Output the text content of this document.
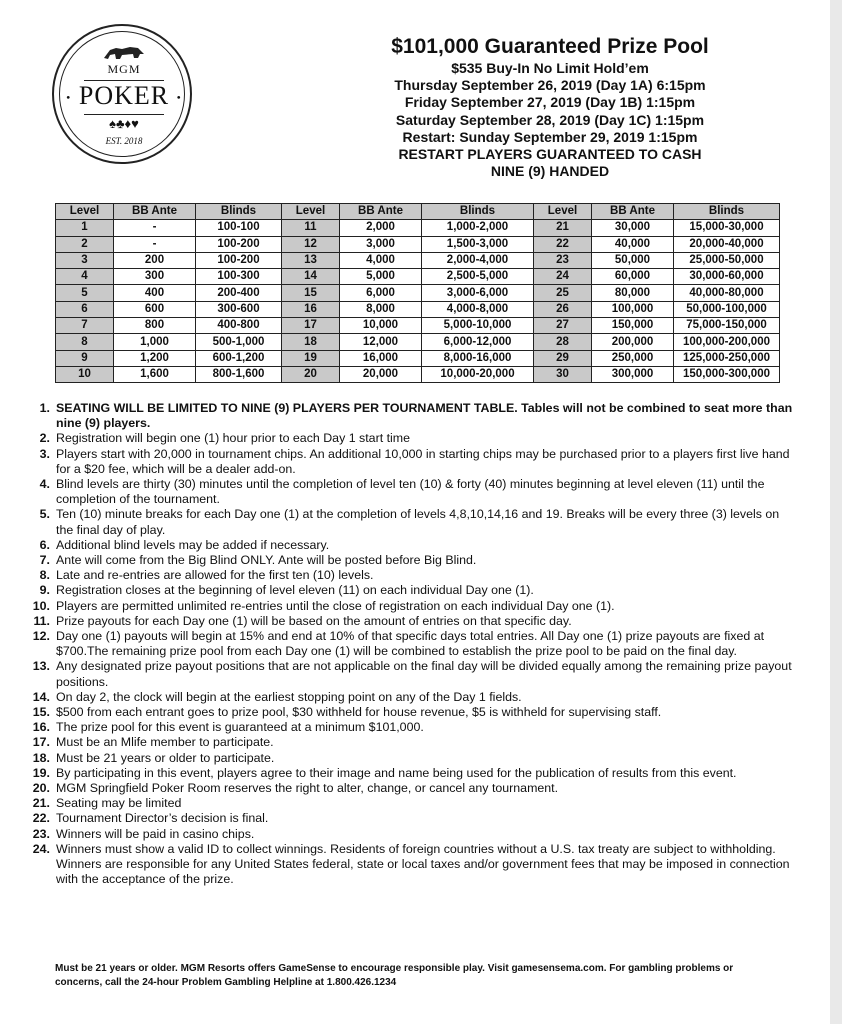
MGM
• POKER •
♠♣♦♥
EST. 2018
$101,000 Guaranteed Prize Pool
$535 Buy-In No Limit Hold’em
Thursday September 26, 2019 (Day 1A) 6:15pm
Friday September 27, 2019 (Day 1B) 1:15pm
Saturday September 28, 2019 (Day 1C) 1:15pm
Restart: Sunday September 29, 2019 1:15pm
RESTART PLAYERS GUARANTEED TO CASH
NINE (9) HANDED
Level	BB Ante	Blinds	Level	BB Ante	Blinds	Level	BB Ante	Blinds
1	-	100-100	11	2,000	1,000-2,000	21	30,000	15,000-30,000
2	-	100-200	12	3,000	1,500-3,000	22	40,000	20,000-40,000
3	200	100-200	13	4,000	2,000-4,000	23	50,000	25,000-50,000
4	300	100-300	14	5,000	2,500-5,000	24	60,000	30,000-60,000
5	400	200-400	15	6,000	3,000-6,000	25	80,000	40,000-80,000
6	600	300-600	16	8,000	4,000-8,000	26	100,000	50,000-100,000
7	800	400-800	17	10,000	5,000-10,000	27	150,000	75,000-150,000
8	1,000	500-1,000	18	12,000	6,000-12,000	28	200,000	100,000-200,000
9	1,200	600-1,200	19	16,000	8,000-16,000	29	250,000	125,000-250,000
10	1,600	800-1,600	20	20,000	10,000-20,000	30	300,000	150,000-300,000
1. SEATING WILL BE LIMITED TO NINE (9) PLAYERS PER TOURNAMENT TABLE. Tables will not be combined to seat more than nine (9) players.
2. Registration will begin one (1) hour prior to each Day 1 start time
3. Players start with 20,000 in tournament chips. An additional 10,000 in starting chips may be purchased prior to a players first live hand for a $20 fee, which will be a dealer add-on.
4. Blind levels are thirty (30) minutes until the completion of level ten (10) & forty (40) minutes beginning at level eleven (11) until the completion of the tournament.
5. Ten (10) minute breaks for each Day one (1) at the completion of levels 4,8,10,14,16 and 19. Breaks will be every three (3) levels on the final day of play.
6. Additional blind levels may be added if necessary.
7. Ante will come from the Big Blind ONLY. Ante will be posted before Big Blind.
8. Late and re-entries are allowed for the first ten (10) levels.
9. Registration closes at the beginning of level eleven (11) on each individual Day one (1).
10. Players are permitted unlimited re-entries until the close of registration on each individual Day one (1).
11. Prize payouts for each Day one (1) will be based on the amount of entries on that specific day.
12. Day one (1) payouts will begin at 15% and end at 10% of that specific days total entries. All Day one (1) prize payouts are fixed at $700.The remaining prize pool from each Day one (1) will be combined to establish the prize pool to be paid on the final day.
13. Any designated prize payout positions that are not applicable on the final day will be divided equally among the remaining prize payout positions.
14. On day 2, the clock will begin at the earliest stopping point on any of the Day 1 fields.
15. $500 from each entrant goes to prize pool, $30 withheld for house revenue, $5 is withheld for supervising staff.
16. The prize pool for this event is guaranteed at a minimum $101,000.
17. Must be an Mlife member to participate.
18. Must be 21 years or older to participate.
19. By participating in this event, players agree to their image and name being used for the publication of results from this event.
20. MGM Springfield Poker Room reserves the right to alter, change, or cancel any tournament.
21. Seating may be limited
22. Tournament Director’s decision is final.
23. Winners will be paid in casino chips.
24. Winners must show a valid ID to collect winnings. Residents of foreign countries without a U.S. tax treaty are subject to withholding. Winners are responsible for any United States federal, state or local taxes and/or government fees that may be imposed in connection with the acceptance of the prize.
Must be 21 years or older. MGM Resorts offers GameSense to encourage responsible play. Visit gamesensema.com. For gambling problems or concerns, call the 24-hour Problem Gambling Helpline at 1.800.426.1234
